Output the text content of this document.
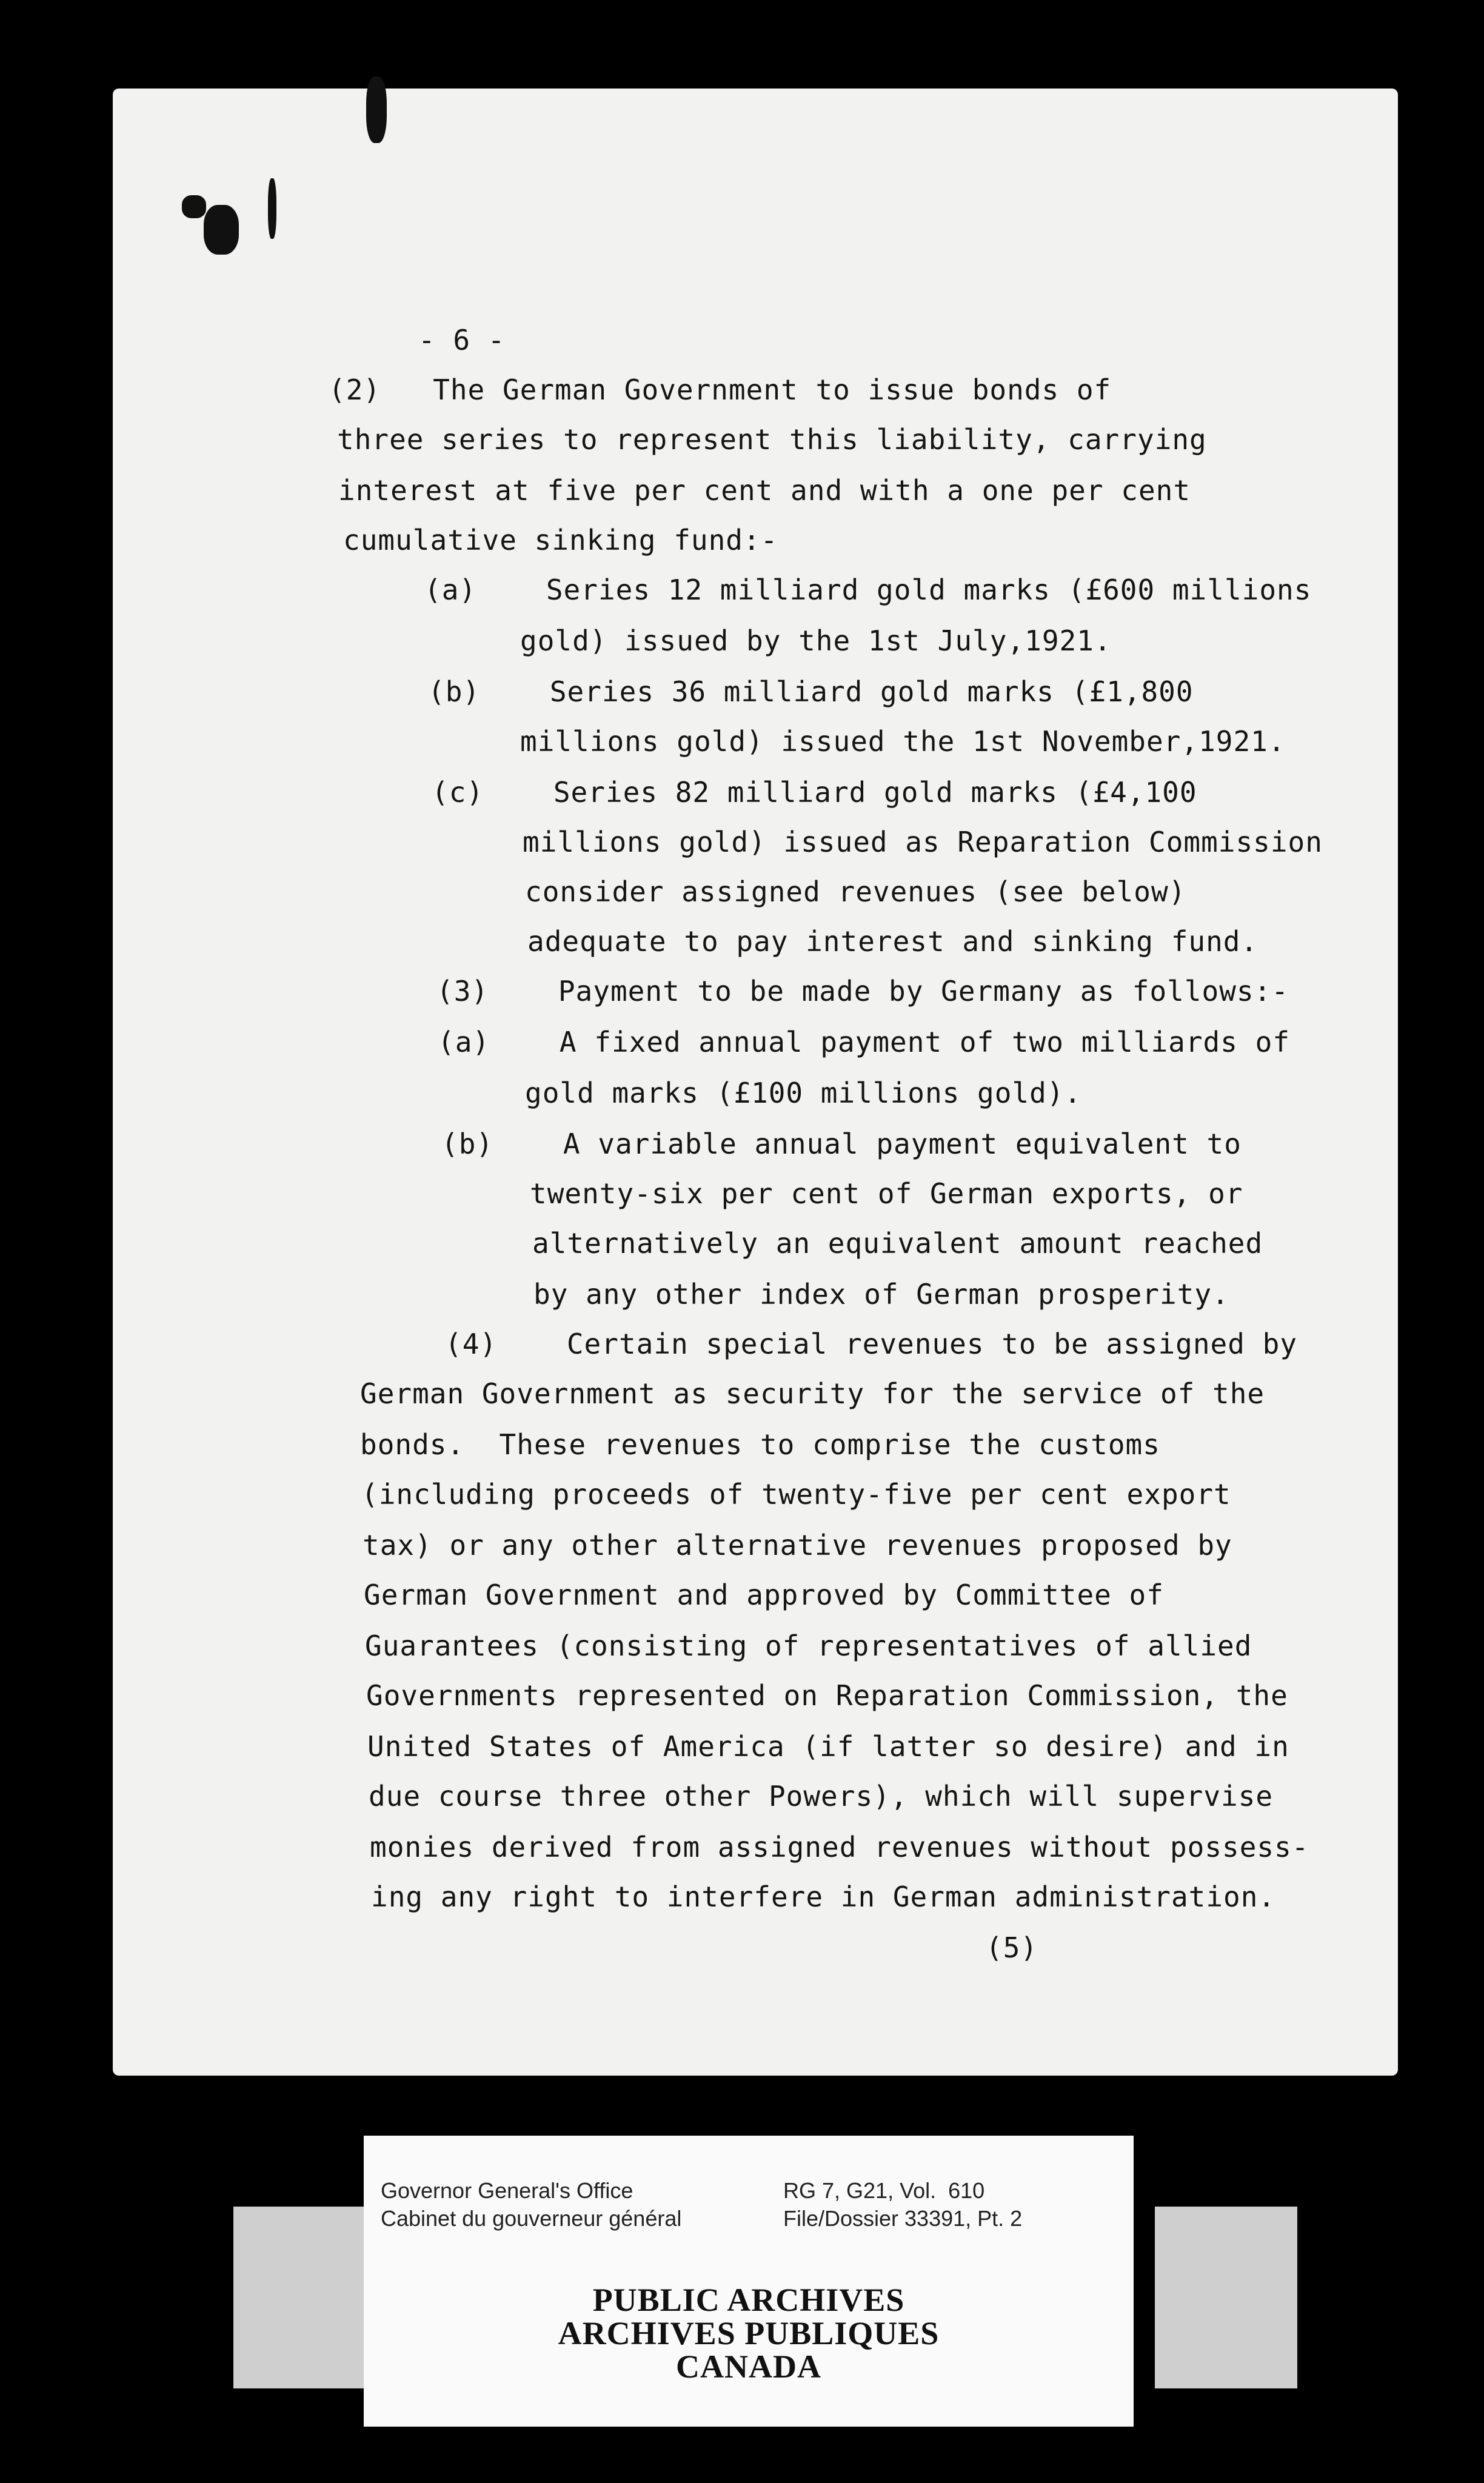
- 6 -
(2)   The German Government to issue bonds of
three series to represent this liability, carrying
interest at five per cent and with a one per cent
cumulative sinking fund:-
(a)    Series 12 milliard gold marks (£600 millions
gold) issued by the 1st July,1921.
(b)    Series 36 milliard gold marks (£1,800
millions gold) issued the 1st November,1921.
(c)    Series 82 milliard gold marks (£4,100
millions gold) issued as Reparation Commission
consider assigned revenues (see below)
adequate to pay interest and sinking fund.
(3)    Payment to be made by Germany as follows:-
(a)    A fixed annual payment of two milliards of
gold marks (£100 millions gold).
(b)    A variable annual payment equivalent to
twenty-six per cent of German exports, or
alternatively an equivalent amount reached
by any other index of German prosperity.
(4)    Certain special revenues to be assigned by
German Government as security for the service of the
bonds.  These revenues to comprise the customs
(including proceeds of twenty-five per cent export
tax) or any other alternative revenues proposed by
German Government and approved by Committee of
Guarantees (consisting of representatives of allied
Governments represented on Reparation Commission, the
United States of America (if latter so desire) and in
due course three other Powers), which will supervise
monies derived from assigned revenues without possess-
ing any right to interfere in German administration.
(5)
Governor General's Office
Cabinet du gouverneur général
RG 7, G21, Vol.  610
File/Dossier 33391, Pt. 2
PUBLIC ARCHIVES
ARCHIVES PUBLIQUES
CANADA
